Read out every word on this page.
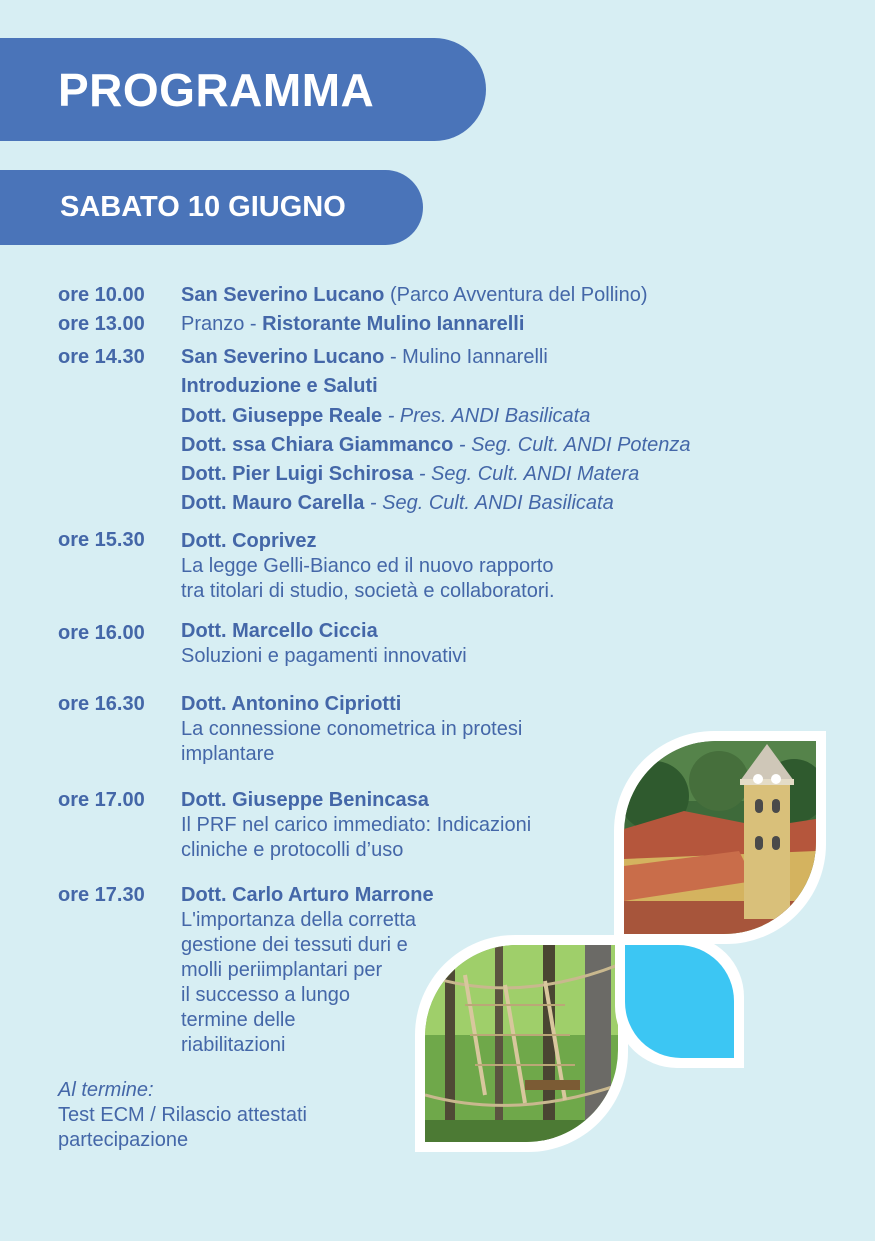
PROGRAMMA
SABATO 10 GIUGNO
ore 10.00 San Severino Lucano (Parco Avventura del Pollino)
ore 13.00 Pranzo - Ristorante Mulino Iannarelli
ore 14.30 San Severino Lucano - Mulino Iannarelli
Introduzione e Saluti
Dott. Giuseppe Reale - Pres. ANDI Basilicata
Dott. ssa Chiara Giammanco - Seg. Cult. ANDI Potenza
Dott. Pier Luigi Schirosa - Seg. Cult. ANDI Matera
Dott. Mauro Carella - Seg. Cult. ANDI Basilicata
ore 15.30 Dott. Coprivez
La legge Gelli-Bianco ed il nuovo rapporto
tra titolari di studio, società e collaboratori.
ore 16.00 Dott. Marcello Ciccia
Soluzioni e pagamenti innovativi
ore 16.30 Dott. Antonino Cipriotti
La connessione conometrica in protesi
implantare
ore 17.00 Dott. Giuseppe Benincasa
Il PRF nel carico immediato: Indicazioni
cliniche e protocolli d’uso
ore 17.30 Dott. Carlo Arturo Marrone
L'importanza della corretta
gestione dei tessuti duri e
molli periimplantari per
il successo a lungo
termine delle
riabilitazioni
Al termine:
Test ECM / Rilascio attestati
partecipazione
